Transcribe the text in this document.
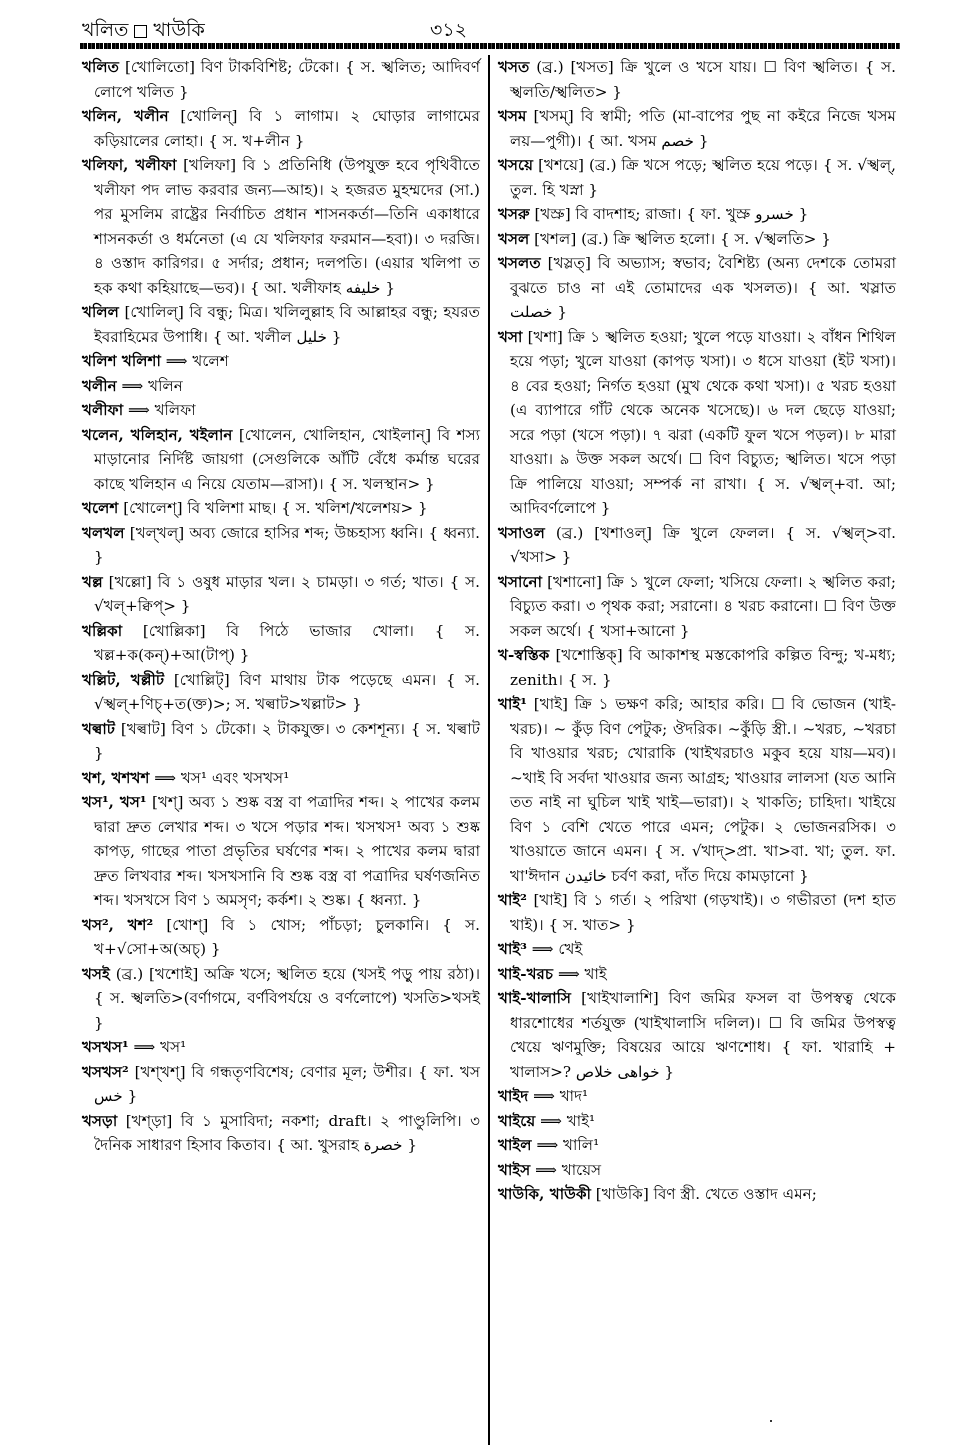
খলিত খাউকি	৩১২

খলিত [খোলিতো] বিণ টাকবিশিষ্ট; টেকো। { স. স্খলিত; আদিবর্ণ লোপে খলিত }

খলিন, খলীন [খোলিন্] বি ১ লাগাম। ২ ঘোড়ার লাগামের কড়িয়ালের লোহা। { স. খ+লীন }

খলিফা, খলীফা [খলিফা] বি ১ প্রতিনিধি (উপযুক্ত হবে পৃথিবীতে খলীফা পদ লাভ করবার জন্য—আহ)। ২ হজরত মুহম্মদের (সা.) পর মুসলিম রাষ্ট্রের নির্বাচিত প্রধান শাসনকর্তা—তিনি একাধারে শাসনকর্তা ও ধর্মনেতা (এ যে খলিফার ফরমান—হবা)। ৩ দরজি। ৪ ওস্তাদ কারিগর। ৫ সর্দার; প্রধান; দলপতি। (এয়ার খলিপা ত হক কথা কহিয়াছে—ভব)। { আ. খলীফাহ خليفه }

খলিল [খোলিল্] বি বন্ধু; মিত্র। খলিলুল্লাহ বি আল্লাহর বন্ধু; হযরত ইবরাহিমের উপাধি। { আ. খলীল خليل }

খলিশ খলিশা ⟹ খলেশ

খলীন ⟹ খলিন

খলীফা ⟹ খলিফা

খলেন, খলিহান, খইলান [খোলেন, খোলিহান, খোইলান্] বি শস্য মাড়ানোর নির্দিষ্ট জায়গা (সেগুলিকে আঁটি বেঁধে কর্মান্ত ঘরের কাছে খলিহান এ নিয়ে যেতাম—রাসা)। { স. খলস্থান> }

খলেশ [খোলেশ্] বি খলিশা মাছ। { স. খলিশ/খলেশয়> }

খলখল [খল্খল্] অব্য জোরে হাসির শব্দ; উচ্চহাস্য ধ্বনি। { ধ্বন্যা. }

খল্ল [খল্লো] বি ১ ওষুধ মাড়ার খল। ২ চামড়া। ৩ গর্ত; খাত। { স. √খল্+ক্বিপ্> }

খল্লিকা [খোল্লিকা] বি পিঠে ভাজার খোলা। { স. খল্ল+ক(কন্)+আ(টাপ্) }

খল্লিট, খল্লীট [খোল্লিট্] বিণ মাথায় টাক পড়েছে এমন। { স. √স্খল্+ণিচ্+ত(ক্ত)>; স. খল্বাট>খল্লাট> }

খল্বাট [খল্বাট] বিণ ১ টেকো। ২ টাকযুক্ত। ৩ কেশশূন্য। { স. খল্বাট }

খশ, খশখশ ⟹ খস¹ এবং খসখস¹

খস¹, খস¹ [খশ্] অব্য ১ শুষ্ক বস্ত্র বা পত্রাদির শব্দ। ২ পাখের কলম দ্বারা দ্রুত লেখার শব্দ। ৩ খসে পড়ার শব্দ। খসখস¹ অব্য ১ শুষ্ক কাপড়, গাছের পাতা প্রভৃতির ঘর্ষণের শব্দ। ২ পাখের কলম দ্বারা দ্রুত লিখবার শব্দ। খসখসানি বি শুষ্ক বস্ত্র বা পত্রাদির ঘর্ষণজনিত শব্দ। খসখসে বিণ ১ অমসৃণ; কর্কশ। ২ শুষ্ক। { ধ্বন্যা. }

খস², খশ² [খোশ্] বি ১ খোস; পাঁচড়া; চুলকানি। { স. খ+√সো+অ(অচ্) }

খসই (ব্র.) [খশোই] অক্রি খসে; স্খলিত হয়ে (খসই পড়ু পায় রঠা)। { স. স্খলতি>(বর্ণাগমে, বর্ণবিপর্যয়ে ও বর্ণলোপে) খসতি>খসই }

খসখস¹ ⟹ খস¹

খসখস² [খশ্খশ্] বি গন্ধতৃণবিশেষ; বেণার মূল; উশীর। { ফা. খস خس }

খসড়া [খশ্ড়া] বি ১ মুসাবিদা; নকশা; draft। ২ পাণ্ডুলিপি। ৩ দৈনিক সাধারণ হিসাব কিতাব। { আ. খুসরাহ خصرة }

খসত (ব্র.) [খসত] ক্রি খুলে ও খসে যায়। ☐ বিণ স্খলিত। { স. স্খলতি/স্খলিত> }

খসম [খসম্] বি স্বামী; পতি (মা-বাপের পুছ না কইরে নিজে খসম লয়—পুগী)। { আ. খসম خصم }

খসয়ে [খশয়ে] (ব্র.) ক্রি খসে পড়ে; স্খলিত হয়ে পড়ে। { স. √স্খল্, তুল. হি খস্না }

খসরু [খস্রু] বি বাদশাহ; রাজা। { ফা. খুস্রু خسرو }

খসল [খশল] (ব্র.) ক্রি স্খলিত হলো। { স. √স্খলতি> }

খসলত [খস্লত্] বি অভ্যাস; স্বভাব; বৈশিষ্ট্য (অন্য দেশকে তোমরা বুঝতে চাও না এই তোমাদের এক খসলত)। { আ. খস্লাত خصلت }

খসা [খশা] ক্রি ১ স্খলিত হওয়া; খুলে পড়ে যাওয়া। ২ বাঁধন শিথিল হয়ে পড়া; খুলে যাওয়া (কাপড় খসা)। ৩ ধসে যাওয়া (ইট খসা)। ৪ বের হওয়া; নির্গত হওয়া (মুখ থেকে কথা খসা)। ৫ খরচ হওয়া (এ ব্যাপারে গাঁট থেকে অনেক খসেছে)। ৬ দল ছেড়ে যাওয়া; সরে পড়া (খসে পড়া)। ৭ ঝরা (একটি ফুল খসে পড়ল)। ৮ মারা যাওয়া। ৯ উক্ত সকল অর্থে। ☐ বিণ বিচ্যুত; স্খলিত। খসে পড়া ক্রি পালিয়ে যাওয়া; সম্পর্ক না রাখা। { স. √স্খল্+বা. আ; আদিবর্ণলোপে }

খসাওল (ব্র.) [খশাওল্] ক্রি খুলে ফেলল। { স. √স্খল্>বা. √খসা> }

খসানো [খশানো] ক্রি ১ খুলে ফেলা; খসিয়ে ফেলা। ২ স্খলিত করা; বিচ্যুত করা। ৩ পৃথক করা; সরানো। ৪ খরচ করানো। ☐ বিণ উক্ত সকল অর্থে। { খসা+আনো }

খ-স্বস্তিক [খশোস্তিক্] বি আকাশস্থ মস্তকোপরি কল্পিত বিন্দু; খ-মধ্য; zenith। { স. }

খাই¹ [খাই] ক্রি ১ ভক্ষণ করি; আহার করি। ☐ বি ভোজন (খাই-খরচ)। ~ কুঁড় বিণ পেটুক; ঔদরিক। ~কুঁড়ি স্ত্রী.। ~খরচ, ~খরচা বি খাওয়ার খরচ; খোরাকি (খাইখরচাও মকুব হয়ে যায়—মব)। ~খাই বি সর্বদা খাওয়ার জন্য আগ্রহ; খাওয়ার লালসা (যত আনি তত নাই না ঘুচিল খাই খাই—ভারা)। ২ খাকতি; চাহিদা। খাইয়ে বিণ ১ বেশি খেতে পারে এমন; পেটুক। ২ ভোজনরসিক। ৩ খাওয়াতে জানে এমন। { স. √খাদ্>প্রা. খা>বা. খা; তুল. ফা. খা'ঈদান خائيدن চর্বণ করা, দাঁত দিয়ে কামড়ানো }

খাই² [খাই] বি ১ গর্ত। ২ পরিখা (গড়খাই)। ৩ গভীরতা (দশ হাত খাই)। { স. খাত> }

খাই³ ⟹ খেই

খাই-খরচ ⟹ খাই

খাই-খালাসি [খাইখালাশি] বিণ জমির ফসল বা উপস্বত্ব থেকে ধারশোধের শর্তযুক্ত (খাইখালাসি দলিল)। ☐ বি জমির উপস্বত্ব খেয়ে ঋণমুক্তি; বিষয়ের আয়ে ঋণশোধ। { ফা. খারাহি + খালাস>? خواهی خلاص }

খাইদ ⟹ খাদ¹

খাইয়ে ⟹ খাই¹

খাইল ⟹ খালি¹

খাইস ⟹ খায়েস

খাউকি, খাউকী [খাউকি] বিণ স্ত্রী. খেতে ওস্তাদ এমন;
